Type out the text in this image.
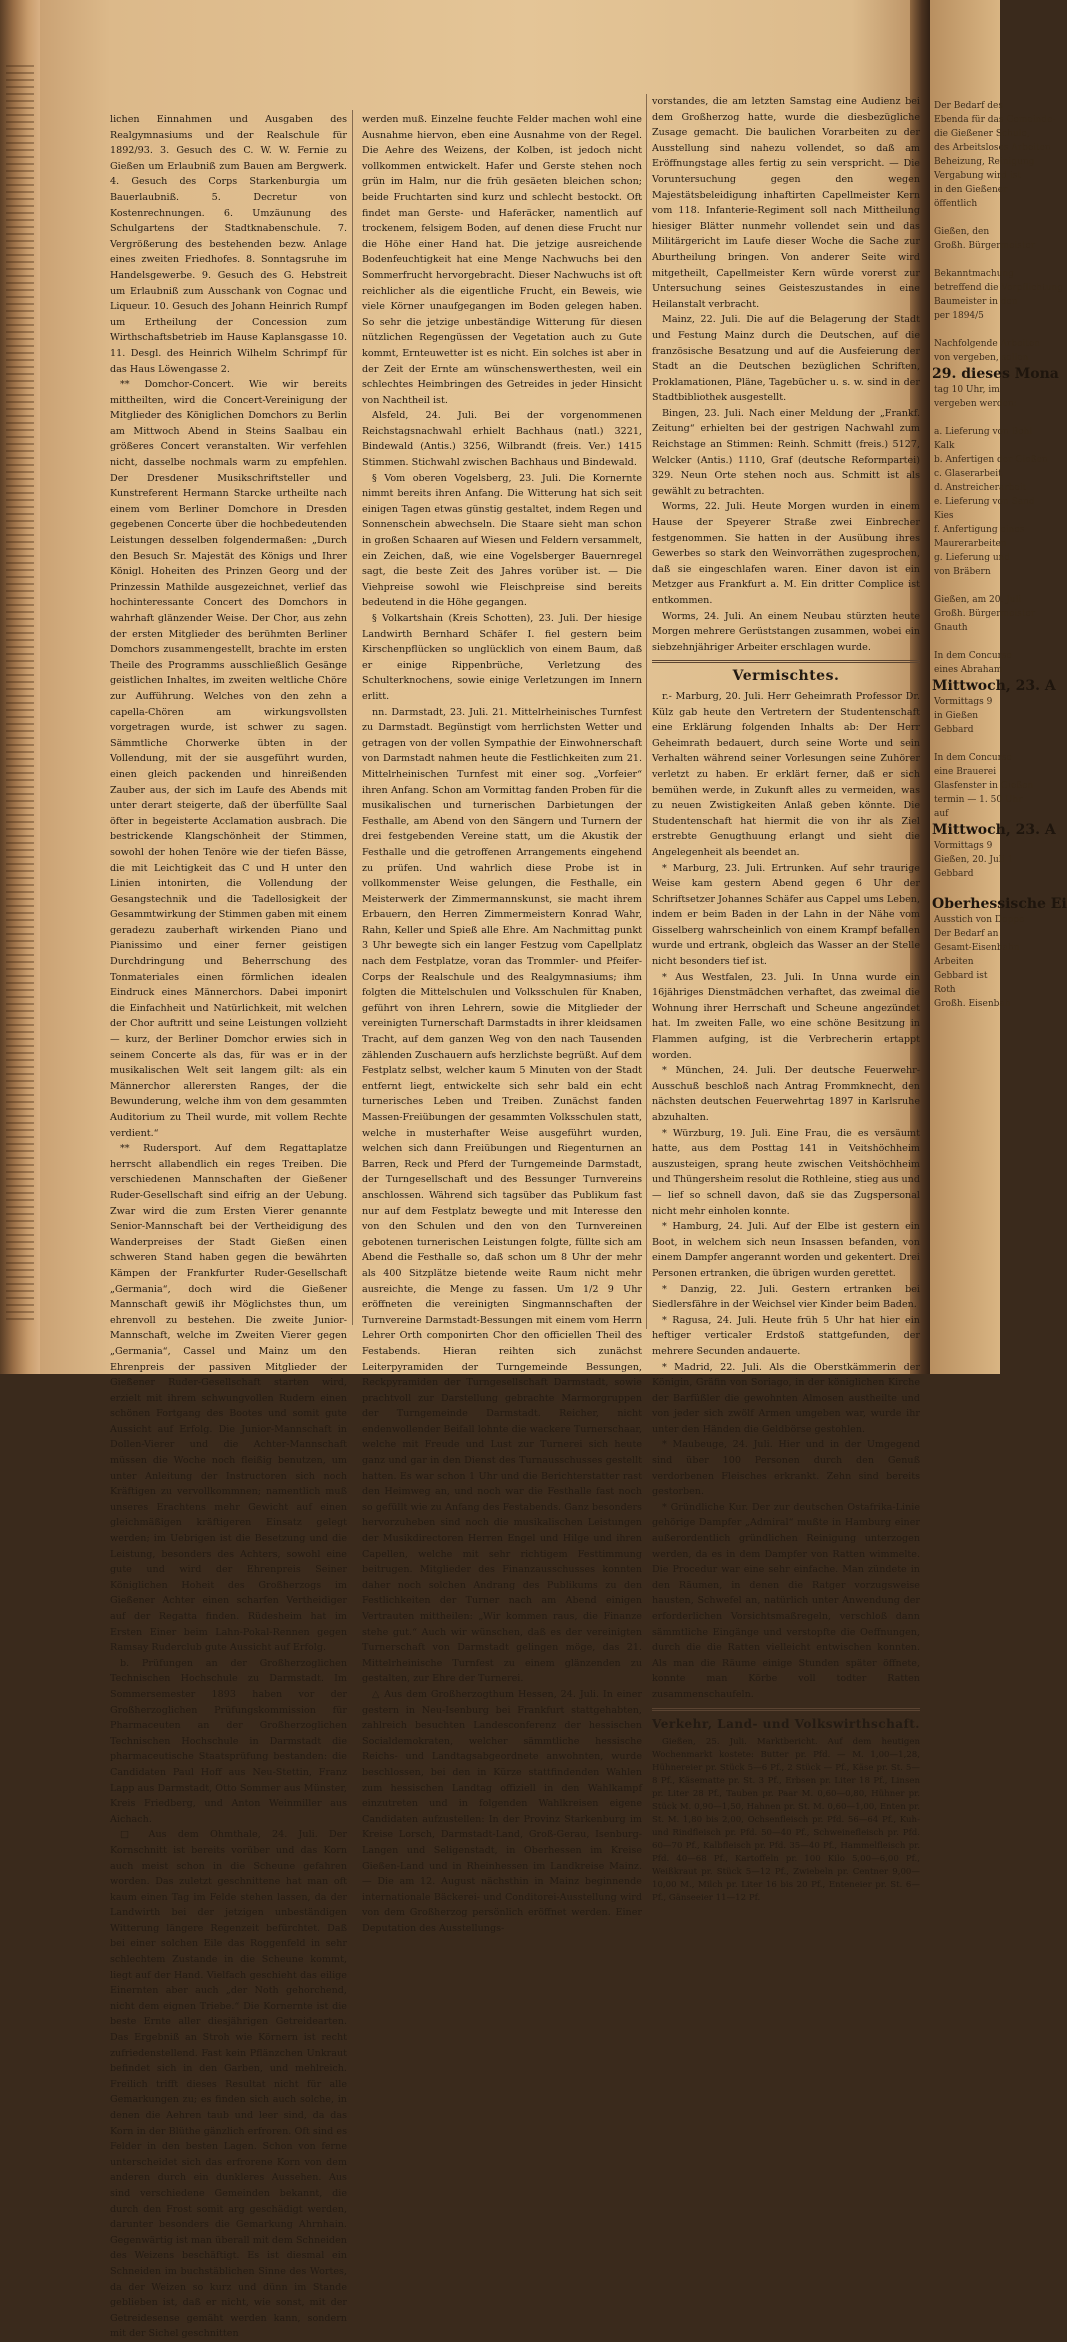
Der Bedarf des
Ebenda für das Gemeinde-
die Gießener Schule,
des Arbeitsloses Arbeiten
Beheizung, Reinigung
Vergabung wird ist
in den Gießener
öffentlich
Gießen, den
Großh. Bürgermeister
Bekanntmachung
betreffend die Verpflichtung
Baumeister in den
per 1894/5
Nachfolgende Arbeiten
von vergeben, sollen
29. dieses Mona
tag 10 Uhr, im
vergeben werden:
a. Lieferung von Bohl
Kalk
b. Anfertigen der Gießen
c. Glaserarbeit
d. Anstreicherarbeit
e. Lieferung von Sand
Kies
f. Anfertigung eines
Maurerarbeiten
g. Lieferung und
von Bräbern
Gießen, am 20. Juli
Großh. Bürgermeister
Gnauth
In dem Concurse
eines Abraham
Mittwoch, 23. A
Vormittags 9
in Gießen
Gebbard
In dem Concurse
eine Brauerei
Glasfenster in Gießen
termin — 1. 50 Uhr
auf
Mittwoch, 23. A
Vormittags 9
Gießen, 20. Juli 1
Gebbard
Oberhessische Ei
Ausstich von Doppe
Der Bedarf an
Gesamt-Eisenbahn
Arbeiten
Gebbard ist
Roth
Großh. Eisenbah

lichen Einnahmen und Ausgaben des Realgymnasiums und der Realschule für 1892/93. 3. Gesuch des C. W. W. Fernie zu Gießen um Erlaubniß zum Bauen am Bergwerk. 4. Gesuch des Corps Starkenburgia um Bauerlaubniß. 5. Decretur von Kostenrechnungen. 6. Umzäunung des Schulgartens der Stadtknabenschule. 7. Vergrößerung des bestehenden bezw. Anlage eines zweiten Friedhofes. 8. Sonntagsruhe im Handelsgewerbe. 9. Gesuch des G. Hebstreit um Erlaubniß zum Ausschank von Cognac und Liqueur. 10. Gesuch des Johann Heinrich Rumpf um Ertheilung der Concession zum Wirthschaftsbetrieb im Hause Kaplansgasse 10. 11. Desgl. des Heinrich Wilhelm Schrimpf für das Haus Löwengasse 2.

** Domchor-Concert. Wie wir bereits mittheilten, wird die Concert-Vereinigung der Mitglieder des Königlichen Domchors zu Berlin am Mittwoch Abend in Steins Saalbau ein größeres Concert veranstalten. Wir verfehlen nicht, dasselbe nochmals warm zu empfehlen. Der Dresdener Musikschriftsteller und Kunstreferent Hermann Starcke urtheilte nach einem vom Berliner Domchore in Dresden gegebenen Concerte über die hochbedeutenden Leistungen desselben folgendermaßen: „Durch den Besuch Sr. Majestät des Königs und Ihrer Königl. Hoheiten des Prinzen Georg und der Prinzessin Mathilde ausgezeichnet, verlief das hochinteressante Concert des Domchors in wahrhaft glänzender Weise. Der Chor, aus zehn der ersten Mitglieder des berühmten Berliner Domchors zusammengestellt, brachte im ersten Theile des Programms ausschließlich Gesänge geistlichen Inhaltes, im zweiten weltliche Chöre zur Aufführung. Welches von den zehn a capella-Chören am wirkungsvollsten vorgetragen wurde, ist schwer zu sagen. Sämmtliche Chorwerke übten in der Vollendung, mit der sie ausgeführt wurden, einen gleich packenden und hinreißenden Zauber aus, der sich im Laufe des Abends mit unter derart steigerte, daß der überfüllte Saal öfter in begeisterte Acclamation ausbrach. Die bestrickende Klangschönheit der Stimmen, sowohl der hohen Tenöre wie der tiefen Bässe, die mit Leichtigkeit das C und H unter den Linien intonirten, die Vollendung der Gesangstechnik und die Tadellosigkeit der Gesammtwirkung der Stimmen gaben mit einem geradezu zauberhaft wirkenden Piano und Pianissimo und einer ferner geistigen Durchdringung und Beherrschung des Tonmateriales einen förmlichen idealen Eindruck eines Männerchors. Dabei imponirt die Einfachheit und Natürlichkeit, mit welchen der Chor auftritt und seine Leistungen vollzieht — kurz, der Berliner Domchor erwies sich in seinem Concerte als das, für was er in der musikalischen Welt seit langem gilt: als ein Männerchor allerersten Ranges, der die Bewunderung, welche ihm von dem gesammten Auditorium zu Theil wurde, mit vollem Rechte verdient.“

** Rudersport. Auf dem Regattaplatze herrscht allabendlich ein reges Treiben. Die verschiedenen Mannschaften der Gießener Ruder-Gesellschaft sind eifrig an der Uebung. Zwar wird die zum Ersten Vierer genannte Senior-Mannschaft bei der Vertheidigung des Wanderpreises der Stadt Gießen einen schweren Stand haben gegen die bewährten Kämpen der Frankfurter Ruder-Gesellschaft „Germania“, doch wird die Gießener Mannschaft gewiß ihr Möglichstes thun, um ehrenvoll zu bestehen. Die zweite Junior-Mannschaft, welche im Zweiten Vierer gegen „Germania“, Cassel und Mainz um den Ehrenpreis der passiven Mitglieder der Gießener Ruder-Gesellschaft starten wird, erzielt mit ihrem schwungvollen Rudern einen schönen Fortgang des Bootes und somit gute Aussicht auf Erfolg. Die Junior-Mannschaft in Dollen-Vierer und die Achter-Mannschaft müssen die Woche noch fleißig benutzen, um unter Anleitung der Instructoren sich noch Kräftigen zu vervollkommnen; namentlich muß unseres Erachtens mehr Gewicht auf einen gleichmäßigen kräftigeren Einsatz gelegt werden; im Uebrigen ist die Besetzung und die Leistung, besonders des Achters, sowohl eine gute und wird der Ehrenpreis Seiner Königlichen Hoheit des Großherzogs im Gießener Achter einen scharfen Vertheidiger auf der Regatta finden. Rüdesheim hat im Ersten Einer beim Lahn-Pokal-Rennen gegen Ramsay Ruderclub gute Aussicht auf Erfolg.

b. Prüfungen an der Großherzoglichen Technischen Hochschule zu Darmstadt. Im Sommersemester 1893 haben vor der Großherzoglichen Prüfungskommission für Pharmaceuten an der Großherzoglichen Technischen Hochschule in Darmstadt die pharmaceutische Staatsprüfung bestanden: die Candidaten Paul Hoff aus Neu-Stettin, Franz Lapp aus Darmstadt, Otto Sommer aus Münster, Kreis Friedberg, und Anton Weinmiller aus Aichach.

□ Aus dem Ohmthale, 24. Juli. Der Kornschnitt ist bereits vorüber und das Korn auch meist schon in die Scheune gefahren worden. Das zuletzt geschnittene hat man oft kaum einen Tag im Felde stehen lassen, da der Landwirth bei der jetzigen unbeständigen Witterung längere Regenzeit befürchtet. Daß bei einer solchen Eile das Roggenfeld in sehr schlechtem Zustande in die Scheune kommt, liegt auf der Hand. Vielfach geschieht das eilige Einernten aber auch „der Noth gehorchend, nicht dem eignen Triebe.“ Die Kornernte ist die beste Ernte aller diesjährigen Getreidearten. Das Ergebniß an Stroh wie Körnern ist recht zufriedenstellend. Fast kein Pflänzchen Unkraut befindet sich in den Garben, und mehlreich. Freilich trifft dieses Resultat nicht für alle Gemarkungen zu; es finden sich auch solche, in denen die Aehren taub und leer sind, da das Korn in der Blüthe gänzlich erfroren. Oft sind es Felder in den besten Lagen. Schon von ferne unterscheidet sich das erfrorene Korn von dem anderen durch ein dunkleres Aussehen. Aus sind verschiedene Gemeinden bekannt, die durch den Frost somit arg geschädigt werden, darunter besonders die Gemarkung Ahrnhain. Gegenwärtig ist man überall mit dem Schneiden des Weizens beschäftigt. Es ist diesmal ein Schneiden im buchstäblichen Sinne des Wortes, da der Weizen so kurz und dünn im Stande geblieben ist, daß er nicht, wie sonst, mit der Getreidesense gemäht werden kann, sondern mit der Sichel geschnitten

werden muß. Einzelne feuchte Felder machen wohl eine Ausnahme hiervon, eben eine Ausnahme von der Regel. Die Aehre des Weizens, der Kolben, ist jedoch nicht vollkommen entwickelt. Hafer und Gerste stehen noch grün im Halm, nur die früh gesäeten bleichen schon; beide Fruchtarten sind kurz und schlecht bestockt. Oft findet man Gerste- und Haferäcker, namentlich auf trockenem, felsigem Boden, auf denen diese Frucht nur die Höhe einer Hand hat. Die jetzige ausreichende Bodenfeuchtigkeit hat eine Menge Nachwuchs bei den Sommerfrucht hervorgebracht. Dieser Nachwuchs ist oft reichlicher als die eigentliche Frucht, ein Beweis, wie viele Körner unaufgegangen im Boden gelegen haben. So sehr die jetzige unbeständige Witterung für diesen nützlichen Regengüssen der Vegetation auch zu Gute kommt, Ernteuwetter ist es nicht. Ein solches ist aber in der Zeit der Ernte am wünschenswerthesten, weil ein schlechtes Heimbringen des Getreides in jeder Hinsicht von Nachtheil ist.

Alsfeld, 24. Juli. Bei der vorgenommenen Reichstagsnachwahl erhielt Bachhaus (natl.) 3221, Bindewald (Antis.) 3256, Wilbrandt (freis. Ver.) 1415 Stimmen. Stichwahl zwischen Bachhaus und Bindewald.

§ Vom oberen Vogelsberg, 23. Juli. Die Kornernte nimmt bereits ihren Anfang. Die Witterung hat sich seit einigen Tagen etwas günstig gestaltet, indem Regen und Sonnenschein abwechseln. Die Staare sieht man schon in großen Schaaren auf Wiesen und Feldern versammelt, ein Zeichen, daß, wie eine Vogelsberger Bauernregel sagt, die beste Zeit des Jahres vorüber ist. — Die Viehpreise sowohl wie Fleischpreise sind bereits bedeutend in die Höhe gegangen.

§ Volkartshain (Kreis Schotten), 23. Juli. Der hiesige Landwirth Bernhard Schäfer I. fiel gestern beim Kirschenpflücken so unglücklich von einem Baum, daß er einige Rippenbrüche, Verletzung des Schulterknochens, sowie einige Verletzungen im Innern erlitt.

nn. Darmstadt, 23. Juli. 21. Mittelrheinisches Turnfest zu Darmstadt. Begünstigt vom herrlichsten Wetter und getragen von der vollen Sympathie der Einwohnerschaft von Darmstadt nahmen heute die Festlichkeiten zum 21. Mittelrheinischen Turnfest mit einer sog. „Vorfeier“ ihren Anfang. Schon am Vormittag fanden Proben für die musikalischen und turnerischen Darbietungen der Festhalle, am Abend von den Sängern und Turnern der drei festgebenden Vereine statt, um die Akustik der Festhalle und die getroffenen Arrangements eingehend zu prüfen. Und wahrlich diese Probe ist in vollkommenster Weise gelungen, die Festhalle, ein Meisterwerk der Zimmermannskunst, sie macht ihrem Erbauern, den Herren Zimmermeistern Konrad Wahr, Rahn, Keller und Spieß alle Ehre. Am Nachmittag punkt 3 Uhr bewegte sich ein langer Festzug vom Capellplatz nach dem Festplatze, voran das Trommler- und Pfeifer-Corps der Realschule und des Realgymnasiums; ihm folgten die Mittelschulen und Volksschulen für Knaben, geführt von ihren Lehrern, sowie die Mitglieder der vereinigten Turnerschaft Darmstadts in ihrer kleidsamen Tracht, auf dem ganzen Weg von den nach Tausenden zählenden Zuschauern aufs herzlichste begrüßt. Auf dem Festplatz selbst, welcher kaum 5 Minuten von der Stadt entfernt liegt, entwickelte sich sehr bald ein echt turnerisches Leben und Treiben. Zunächst fanden Massen-Freiübungen der gesammten Volksschulen statt, welche in musterhafter Weise ausgeführt wurden, welchen sich dann Freiübungen und Riegenturnen an Barren, Reck und Pferd der Turngemeinde Darmstadt, der Turngesellschaft und des Bessunger Turnvereins anschlossen. Während sich tagsüber das Publikum fast nur auf dem Festplatz bewegte und mit Interesse den von den Schulen und den von den Turnvereinen gebotenen turnerischen Leistungen folgte, füllte sich am Abend die Festhalle so, daß schon um 8 Uhr der mehr als 400 Sitzplätze bietende weite Raum nicht mehr ausreichte, die Menge zu fassen. Um 1/2 9 Uhr eröffneten die vereinigten Singmannschaften der Turnvereine Darmstadt-Bessungen mit einem vom Herrn Lehrer Orth componirten Chor den officiellen Theil des Festabends. Hieran reihten sich zunächst Leiterpyramiden der Turngemeinde Bessungen, Reckpyramiden der Turngesellschaft Darmstadt, sowie prachtvoll zur Darstellung gebrachte Marmorgruppen der Turngemeinde Darmstadt. Reicher, nicht endenwollender Beifall lohnte die wackere Turnerschaar, welche mit Freude und Lust zur Turnerei sich heute ganz und gar in den Dienst des Turnausschusses gestellt hatten. Es war schon 1 Uhr und die Berichterstatter rast den Heimweg an, und noch war die Festhalle fast noch so gefüllt wie zu Anfang des Festabends. Ganz besonders hervorzuheben sind noch die musikalischen Leistungen der Musikdirectoren Herren Engel und Hilge und ihren Capellen, welche mit sehr richtigem Festtimmung beitrugen. Mitglieder des Finanzausschusses konnten daher noch solchen Andrang des Publikums zu den Festlichkeiten der Turner nach am Abend einigen Vertrauten mittheilen: „Wir kommen raus, die Finanze stehe gut.“ Auch wir wünschen, daß es der vereinigten Turnerschaft von Darmstadt gelingen möge, das 21. Mittelrheinische Turnfest zu einem glänzenden zu gestalten, zur Ehre der Turnerei.

△ Aus dem Großherzogthum Hessen, 24. Juli. In einer gestern in Neu-Isenburg bei Frankfurt stattgehabten, zahlreich besuchten Landesconferenz der hessischen Socialdemokraten, welcher sämmtliche hessische Reichs- und Landtagsabgeordnete anwohnten, wurde beschlossen, bei den in Kürze stattfindenden Wahlen zum hessischen Landtag offiziell in den Wahlkampf einzutreten und in folgenden Wahlkreisen eigene Candidaten aufzustellen: In der Provinz Starkenburg im Kreise Lorsch, Darmstadt-Land, Groß-Gerau, Isenburg-Langen und Seligenstadt, in Oberhessen im Kreise Gießen-Land und in Rheinhessen im Landkreise Mainz. — Die am 12. August nächsthin in Mainz beginnende internationale Bäckerei- und Conditorei-Ausstellung wird von dem Großherzog persönlich eröffnet werden. Einer Deputation des Ausstellungs-

vorstandes, die am letzten Samstag eine Audienz bei dem Großherzog hatte, wurde die diesbezügliche Zusage gemacht. Die baulichen Vorarbeiten zu der Ausstellung sind nahezu vollendet, so daß am Eröffnungstage alles fertig zu sein verspricht. — Die Voruntersuchung gegen den wegen Majestätsbeleidigung inhaftirten Capellmeister Kern vom 118. Infanterie-Regiment soll nach Mittheilung hiesiger Blätter nunmehr vollendet sein und das Militärgericht im Laufe dieser Woche die Sache zur Aburtheilung bringen. Von anderer Seite wird mitgetheilt, Capellmeister Kern würde vorerst zur Untersuchung seines Geisteszustandes in eine Heilanstalt verbracht.

Mainz, 22. Juli. Die auf die Belagerung der Stadt und Festung Mainz durch die Deutschen, auf die französische Besatzung und auf die Ausfeierung der Stadt an die Deutschen bezüglichen Schriften, Proklamationen, Pläne, Tagebücher u. s. w. sind in der Stadtbibliothek ausgestellt.

Bingen, 23. Juli. Nach einer Meldung der „Frankf. Zeitung“ erhielten bei der gestrigen Nachwahl zum Reichstage an Stimmen: Reinh. Schmitt (freis.) 5127, Welcker (Antis.) 1110, Graf (deutsche Reformpartei) 329. Neun Orte stehen noch aus. Schmitt ist als gewählt zu betrachten.

Worms, 22. Juli. Heute Morgen wurden in einem Hause der Speyerer Straße zwei Einbrecher festgenommen. Sie hatten in der Ausübung ihres Gewerbes so stark den Weinvorräthen zugesprochen, daß sie eingeschlafen waren. Einer davon ist ein Metzger aus Frankfurt a. M. Ein dritter Complice ist entkommen.

Worms, 24. Juli. An einem Neubau stürzten heute Morgen mehrere Gerüststangen zusammen, wobei ein siebzehnjähriger Arbeiter erschlagen wurde.

Vermischtes.

r.- Marburg, 20. Juli. Herr Geheimrath Professor Dr. Külz gab heute den Vertretern der Studentenschaft eine Erklärung folgenden Inhalts ab: Der Herr Geheimrath bedauert, durch seine Worte und sein Verhalten während seiner Vorlesungen seine Zuhörer verletzt zu haben. Er erklärt ferner, daß er sich bemühen werde, in Zukunft alles zu vermeiden, was zu neuen Zwistigkeiten Anlaß geben könnte. Die Studentenschaft hat hiermit die von ihr als Ziel erstrebte Genugthuung erlangt und sieht die Angelegenheit als beendet an.

* Marburg, 23. Juli. Ertrunken. Auf sehr traurige Weise kam gestern Abend gegen 6 Uhr der Schriftsetzer Johannes Schäfer aus Cappel ums Leben, indem er beim Baden in der Lahn in der Nähe vom Gisselberg wahrscheinlich von einem Krampf befallen wurde und ertrank, obgleich das Wasser an der Stelle nicht besonders tief ist.

* Aus Westfalen, 23. Juli. In Unna wurde ein 16jähriges Dienstmädchen verhaftet, das zweimal die Wohnung ihrer Herrschaft und Scheune angezündet hat. Im zweiten Falle, wo eine schöne Besitzung in Flammen aufging, ist die Verbrecherin ertappt worden.

* München, 24. Juli. Der deutsche Feuerwehr-Ausschuß beschloß nach Antrag Frommknecht, den nächsten deutschen Feuerwehrtag 1897 in Karlsruhe abzuhalten.

* Würzburg, 19. Juli. Eine Frau, die es versäumt hatte, aus dem Posttag 141 in Veitshöchheim auszusteigen, sprang heute zwischen Veitshöchheim und Thüngersheim resolut die Rothleine, stieg aus und — lief so schnell davon, daß sie das Zugspersonal nicht mehr einholen konnte.

* Hamburg, 24. Juli. Auf der Elbe ist gestern ein Boot, in welchem sich neun Insassen befanden, von einem Dampfer angerannt worden und gekentert. Drei Personen ertranken, die übrigen wurden gerettet.

* Danzig, 22. Juli. Gestern ertranken bei Siedlersfähre in der Weichsel vier Kinder beim Baden.

* Ragusa, 24. Juli. Heute früh 5 Uhr hat hier ein heftiger verticaler Erdstoß stattgefunden, der mehrere Secunden andauerte.

* Madrid, 22. Juli. Als die Oberstkämmerin der Königin, Gräfin von Soriago, in der königlichen Kirche der Barfüßler die gewohnten Almosen austheilte und von jeder sich zwölf Armen umgeben war, wurde ihr unter den Händen die Geldbörse gestohlen.

* Maubeuge, 24. Juli. Hier und in der Umgegend sind über 100 Personen durch den Genuß verdorbenen Fleisches erkrankt. Zehn sind bereits gestorben.

* Gründliche Kur. Der zur deutschen Ostafrika-Linie gehörige Dampfer „Admiral“ mußte in Hamburg einer außerordentlich gründlichen Reinigung unterzogen werden, da es in dem Dampfer von Ratten wimmelte. Die Procedur war eine sehr einfache. Man zündete in den Räumen, in denen die Ratger vorzugsweise hausten, Schwefel an, natürlich unter Anwendung der erforderlichen Vorsichtsmaßregeln, verschloß dann sämmtliche Eingänge und verstopfte die Oeffnungen, durch die die Ratten vielleicht entwischen konnten. Als man die Räume einige Stunden später öffnete, konnte man Körbe voll todter Ratten zusammenschaufeln.

Verkehr, Land- und Volkswirthschaft.

Gießen, 25. Juli. Marktbericht. Auf dem heutigen Wochenmarkt kostete: Butter pr. Pfd. — M. 1,00—1,28, Hühnereier pr. Stück 5—6 Pf., 2 Stück — Pf., Käse pr. St. 5—8 Pf., Käsematte pr. St. 3 Pf., Erbsen pr. Liter 18 Pf., Linsen pr. Liter 28 Pf., Tauben pr. Paar M. 0,60—0,80, Hühner pr. Stück M. 0,90—1,50, Hahnen pr. St. M. 0,60—1,00, Enten pr. St. M. 1,80 bis 2,00, Ochsenfleisch pr. Pfd. 56—64 Pf., Kuh- und Rindfleisch pr. Pfd. 50—40 Pf., Schweinefleisch pr. Pfd. 60—70 Pf., Kalbfleisch pr. Pfd. 35—40 Pf., Hammelfleisch pr. Pfd. 40—68 Pf., Kartoffeln pr. 100 Kilo 5,00—6,00 Pf., Weißkraut pr. Stück 5—12 Pf., Zwiebeln pr. Centner 9,00—10,00 M., Milch pr. Liter 16 bis 20 Pf., Enteneier pr. St. 6—Pf., Gänseeier 11—12 Pf.
